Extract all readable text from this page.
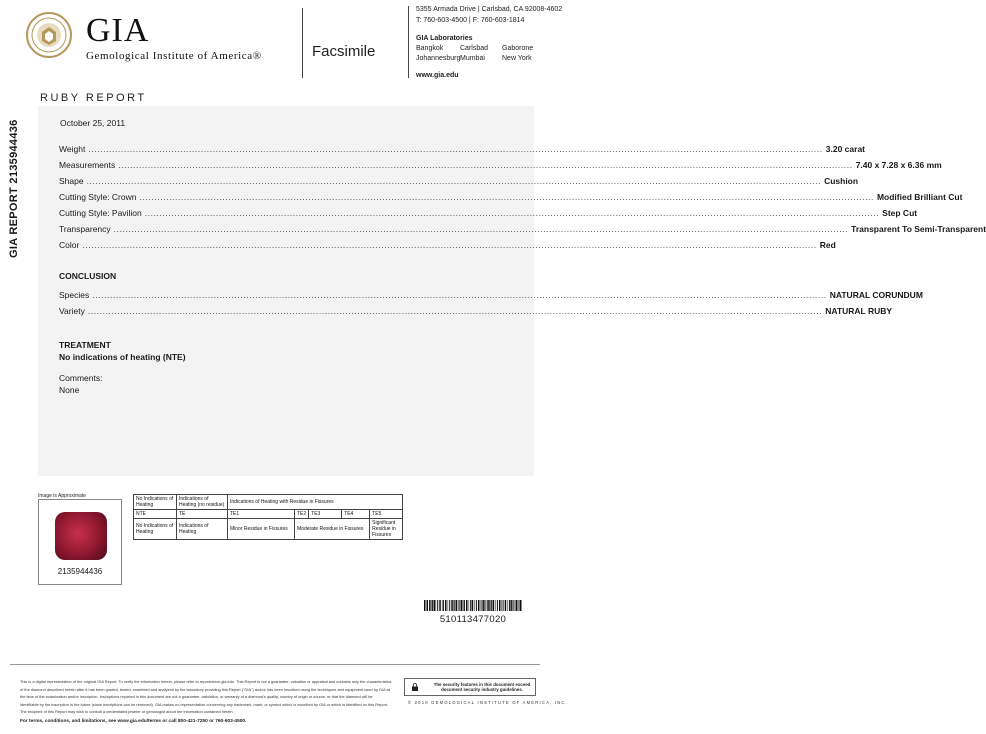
GIA
Gemological Institute of America®	Facsimile
5355 Armada Drive | Carlsbad, CA 92008-4602
T: 760-603-4500 | F: 760-603-1814
GIA Laboratories
Bangkok Carlsbad Gaborone
Johannesburg Mumbai New York
www.gia.edu
RUBY REPORT
GIA REPORT 2135944436	October 25, 2011
Weight .....	3.20 carat
Measurements .....	7.40 x 7.28 x 6.36 mm
Shape .....	Cushion
Cutting Style: Crown .....	Modified Brilliant Cut
Cutting Style: Pavilion .....	Step Cut
Transparency .....	Transparent To Semi-Transparent
Color .....	Red
CONCLUSION
Species .....	NATURAL CORUNDUM
Variety .....	NATURAL RUBY
TREATMENT
No indications of heating (NTE)
Comments:
None
Image is Approximate
2135944436
No Indications of Heating	Indications of Heating (no residue)	Indications of Heating with Residue in Fissures				
NTE	TE	TE1	TE2	TE3	TE4	TE5
No Indications of Heating	Indications of Heating	Minor Residue in Fissures	Moderate Residue in Fissures			Significant Residue in Fissures
510113477020
This is a digital representation of the original GIA Report. To verify the information herein, please refer to reportcheck.gia.edu. This Report is not a guarantee, valuation or appraisal and contains only the characteristics of the diamond described herein after it has been graded, tested, examined and analyzed by the laboratory providing this Report ("GIA") and/or has been inscribed using the techniques and equipment used by GIA at the time of the examination and/or inscription. Inscriptions reported in this document are not a guarantee, validation, or warranty of a diamond's quality, country of origin or source, or that the diamond will be identifiable by the inscription in the future (since inscriptions can be removed). GIA makes no representation concerning any trademark, mark, or symbol which is inscribed by GIA or which is identified on this Report. The recipient of this Report may wish to consult a credentialed jeweler or gemologist about the information contained herein.
For terms, conditions, and limitations, see www.gia.edu/terms or call 800-421-7250 or 760-603-4500.
The security features in this document exceed document security industry guidelines.
© 2010 GEMOLOGICAL INSTITUTE OF AMERICA, INC.
